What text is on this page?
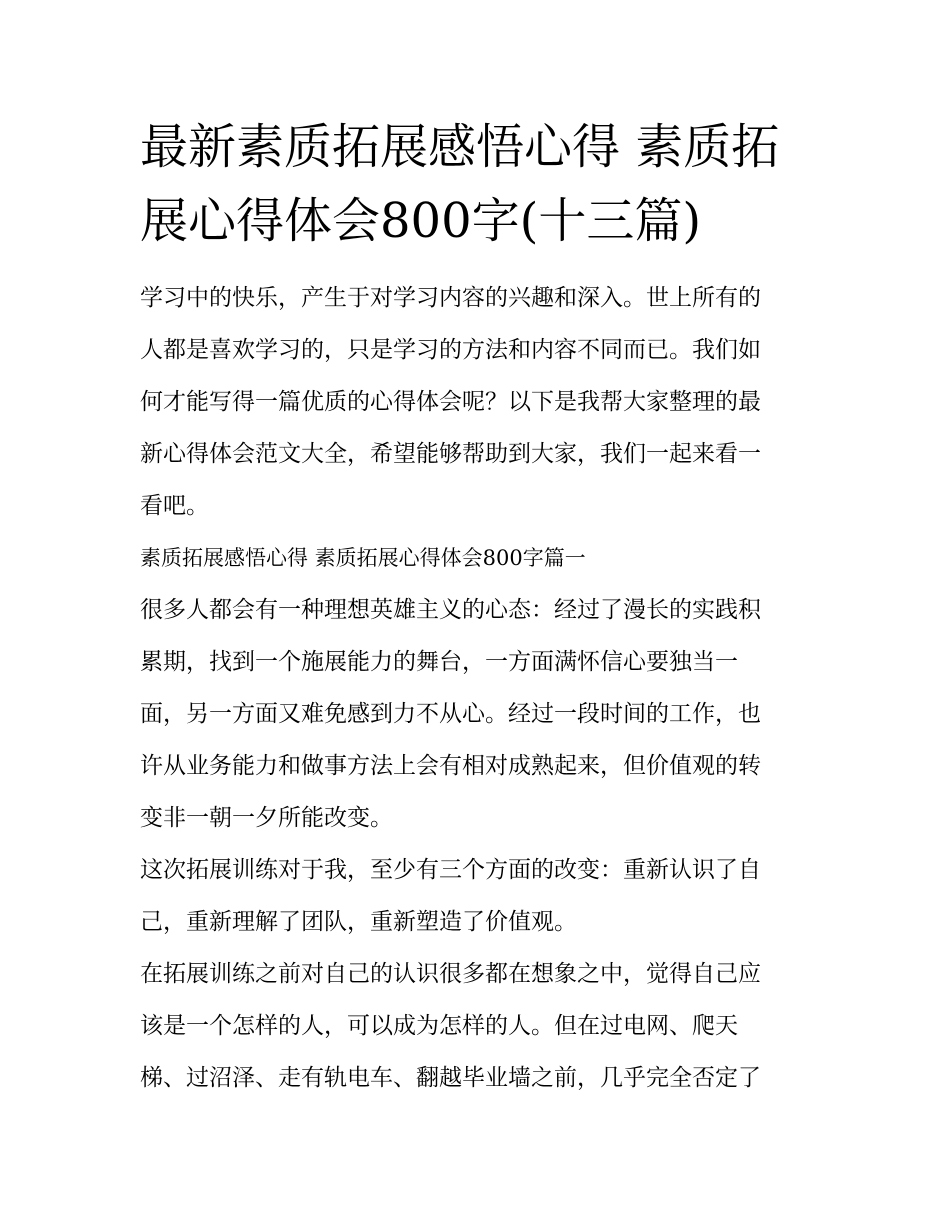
最新素质拓展感悟心得 素质拓
展心得体会800字(十三篇)
学习中的快乐，产生于对学习内容的兴趣和深入。世上所有的
人都是喜欢学习的，只是学习的方法和内容不同而已。我们如
何才能写得一篇优质的心得体会呢？以下是我帮大家整理的最
新心得体会范文大全，希望能够帮助到大家，我们一起来看一
看吧。
素质拓展感悟心得 素质拓展心得体会800字篇一
很多人都会有一种理想英雄主义的心态：经过了漫长的实践积
累期，找到一个施展能力的舞台，一方面满怀信心要独当一
面，另一方面又难免感到力不从心。经过一段时间的工作，也
许从业务能力和做事方法上会有相对成熟起来，但价值观的转
变非一朝一夕所能改变。
这次拓展训练对于我，至少有三个方面的改变：重新认识了自
己，重新理解了团队，重新塑造了价值观。
在拓展训练之前对自己的认识很多都在想象之中，觉得自己应
该是一个怎样的人，可以成为怎样的人。但在过电网、爬天
梯、过沼泽、走有轨电车、翻越毕业墙之前，几乎完全否定了
